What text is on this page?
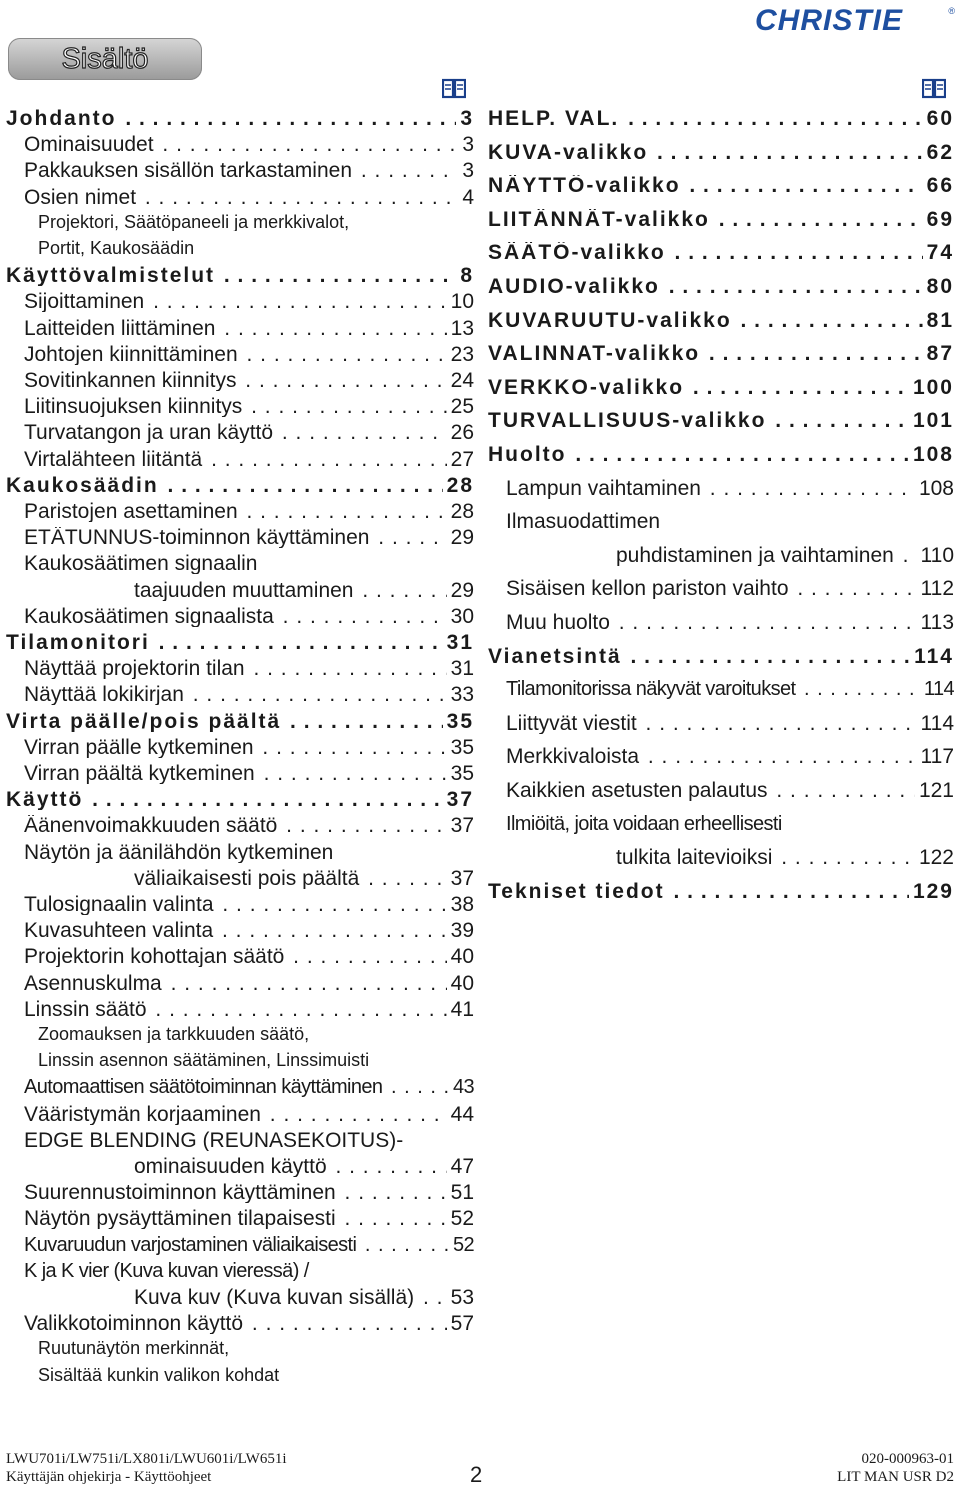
CHRISTIE	®
Sisältö
Johdanto	3
. . .
Ominaisuudet	3
. . .
Pakkauksen sisällön tarkastaminen	3
. . .
Osien nimet	4
. . .
Projektori, Säätöpaneeli ja merkkivalot,
Portit, Kaukosäädin
Käyttövalmistelut	8
. . .
Sijoittaminen	10
. . .
Laitteiden liittäminen	13
. . .
Johtojen kiinnittäminen	23
. . .
Sovitinkannen kiinnitys	24
. . .
Liitinsuojuksen kiinnitys	25
. . .
Turvatangon ja uran käyttö	26
. . .
Virtalähteen liitäntä	27
. . .
Kaukosäädin	28
. . .
Paristojen asettaminen	28
. . .
ETÄTUNNUS-toiminnon käyttäminen	29
. . .
Kaukosäätimen signaalin
taajuuden muuttaminen	29
. . .
Kaukosäätimen signaalista	30
. . .
Tilamonitori	31
. . .
Näyttää projektorin tilan	31
. . .
Näyttää lokikirjan	33
. . .
Virta päälle/pois päältä	35
. . .
Virran päälle kytkeminen	35
. . .
Virran päältä kytkeminen	35
. . .
Käyttö	37
. . .
Äänenvoimakkuuden säätö	37
. . .
Näytön ja äänilähdön kytkeminen
väliaikaisesti pois päältä	37
. . .
Tulosignaalin valinta	38
. . .
Kuvasuhteen valinta	39
. . .
Projektorin kohottajan säätö	40
. . .
Asennuskulma	40
. . .
Linssin säätö	41
. . .
Zoomauksen ja tarkkuuden säätö,
Linssin asennon säätäminen, Linssimuisti
Automaattisen säätötoiminnan käyttäminen	43
. . .
Vääristymän korjaaminen	44
. . .
EDGE BLENDING (REUNASEKOITUS)-
ominaisuuden käyttö	47
. . .
Suurennustoiminnon käyttäminen	51
. . .
Näytön pysäyttäminen tilapaisesti	52
. . .
Kuvaruudun varjostaminen väliaikaisesti	52
. . .
K ja K vier (Kuva kuvan vieressä) /
Kuva kuv (Kuva kuvan sisällä) 53
. . .
Valikkotoiminnon käyttö	57
. . .
Ruutunäytön merkinnät,
Sisältää kunkin valikon kohdat
HELP. VAL.	60
. . .
KUVA-valikko	62
. . .
NÄYTTÖ-valikko	66
. . .
LIITÄNNÄT-valikko	69
. . .
SÄÄTÖ-valikko	74
. . .
AUDIO-valikko	80
. . .
KUVARUUTU-valikko	81
. . .
VALINNAT-valikko	87
. . .
VERKKO-valikko	100
. . .
TURVALLISUUS-valikko	101
. . .
Huolto	108
. . .
Lampun vaihtaminen	108
. . .
Ilmasuodattimen
puhdistaminen ja vaihtaminen 110
. . .
Sisäisen kellon pariston vaihto	112
. . .
Muu huolto	113
. . .
Vianetsintä	114
. . .
Tilamonitorissa näkyvät varoitukset	114
. . .
Liittyvät viestit	114
. . .
Merkkivaloista	117
. . .
Kaikkien asetusten palautus	121
. . .
Ilmiöitä, joita voidaan erheellisesti
tulkita laitevioiksi	122
. . .
Tekniset tiedot	129
. . .
LWU701i/LW751i/LX801i/LWU601i/LW651i
Käyttäjän ohjekirja - Käyttöohjeet	2
020-000963-01
LIT MAN USR D2
